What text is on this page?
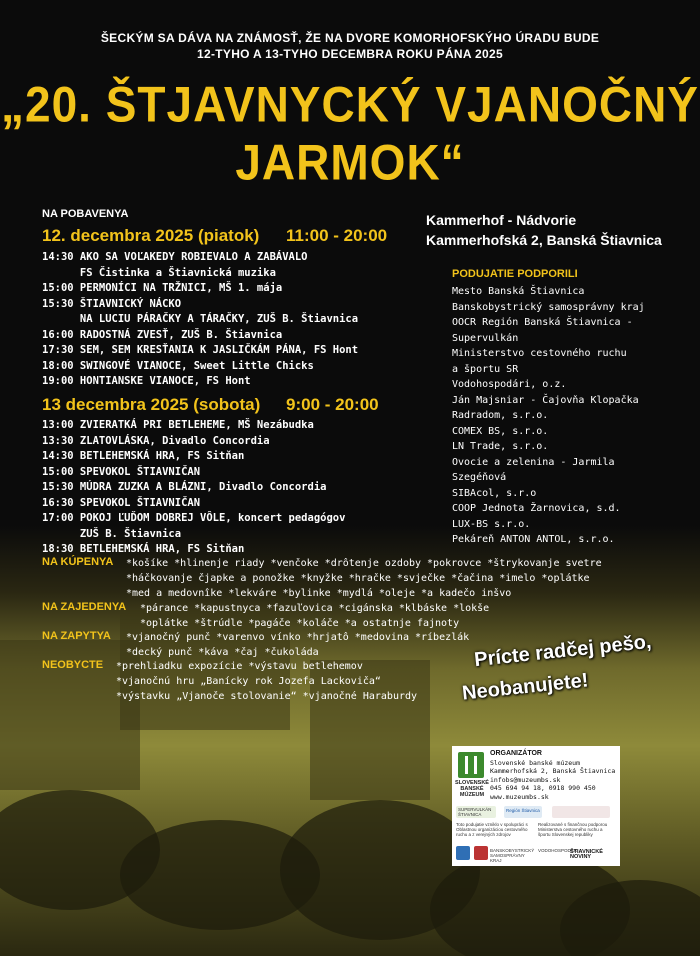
ŠECKÝM SA DÁVA NA ZNÁMOSŤ, ŽE NA DVORE KOMORHOFSKÝHO ÚRADU BUDE
12-TYHO A 13-TYHO DECEMBRA ROKU PÁNA 2025
„20. ŠTJAVNYCKÝ VJANOČNÝ
JARMOK“
NA POBAVENYA
12. decembra 2025 (piatok) 11:00 - 20:00
14:30 AKO SA VOĽAKEDY ROBIEVALO A ZABÁVALO
FS Čistinka a Štiavnická muzika
15:00 PERMONÍCI NA TRŽNICI, MŠ 1. mája
15:30 ŠTIAVNICKÝ NÁCKO
NA LUCIU PÁRAČKY A TÁRAČKY, ZUŠ B. Štiavnica
16:00 RADOSTNÁ ZVESŤ, ZUŠ B. Štiavnica
17:30 SEM, SEM KRESŤANIA K JASLIČKÁM PÁNA, FS Hont
18:00 SWINGOVÉ VIANOCE, Sweet Little Chicks
19:00 HONTIANSKE VIANOCE, FS Hont
13 decembra 2025 (sobota) 9:00 - 20:00
13:00 ZVIERATKÁ PRI BETLEHEME, MŠ Nezábudka
13:30 ZLATOVLÁSKA, Divadlo Concordia
14:30 BETLEHEMSKÁ HRA, FS Sitňan
15:00 SPEVOKOL ŠTIAVNIČAN
15:30 MÚDRA ZUZKA A BLÁZNI, Divadlo Concordia
16:30 SPEVOKOL ŠTIAVNIČAN
17:00 POKOJ ĽUĎOM DOBREJ VÔLE, koncert pedagógov
ZUŠ B. Štiavnica
18:30 BETLEHEMSKÁ HRA, FS Sitňan
Kammerhof - Nádvorie
Kammerhofská 2, Banská Štiavnica
PODUJATIE PODPORILI
Mesto Banská Štiavnica
Banskobystrický samosprávny kraj
OOCR Región Banská Štiavnica -
Supervulkán
Ministerstvo cestovného ruchu
a športu SR
Vodohospodári, o.z.
Ján Majsniar - Čajovňa Klopačka
Radradom, s.r.o.
COMEX BS, s.r.o.
LN Trade, s.r.o.
Ovocie a zelenina - Jarmila
Szegéňová
SIBAcol, s.r.o
COOP Jednota Žarnovica, s.d.
LUX-BS s.r.o.
Pekáreň ANTON ANTOL, s.r.o.
NA KÚPENYA *košíke *hlinenje riady *venčoke *drôtenje ozdoby *pokrovce *štrykovanje svetre
*háčkovanje čjapke a ponožke *knyžke *hračke *svječke *čačina *imelo *oplátke
*med a medovnîke *lekváre *bylinke *mydlá *oleje *a kadečo inšvo
NA ZAJEDENYA *párance *kapustnyca *fazuľovica *cigánska *klbáske *lokše
*oplátke *štrúdle *pagáče *koláče *a ostatnje fajnoty
NA ZAPYTYA *vjanočný punč *varenvo vínko *hrjatô *medovina *ríbezlák
*decký punč *káva *čaj *čukoláda
NEOBYCTE *prehliadku expozície *výstavu betlehemov
*vjanočnú hru „Banícky rok Jozefa Lackoviča“
*výstavku „Vjanoče stolovanie“ *vjanočné Haraburdy
Prícte radčej pešo,
Neobanujete!
SLOVENSKÉ BANSKÉ MÚZEUM
ORGANIZÁTOR
Slovenské banské múzeum
Kammerhofská 2, Banská Štiavnica
infobs@muzeumbs.sk
045 694 94 18, 0918 990 450
www.muzeumbs.sk
SUPERVULKÁN ŠTIAVNICA
Región Štiavnica
Toto podujatie vzniklo v spolupráci s Oblastnou organizáciou cestovného ruchu a z verejných zdrojov
Realizované s finančnou podporou Ministerstva cestovného ruchu a športu Slovenskej republiky
BANSKOBYSTRICKÝ SAMOSPRÁVNY KRAJ
VODOHOSPODÁRI
ŠTIAVNICKÉ NOVINY
